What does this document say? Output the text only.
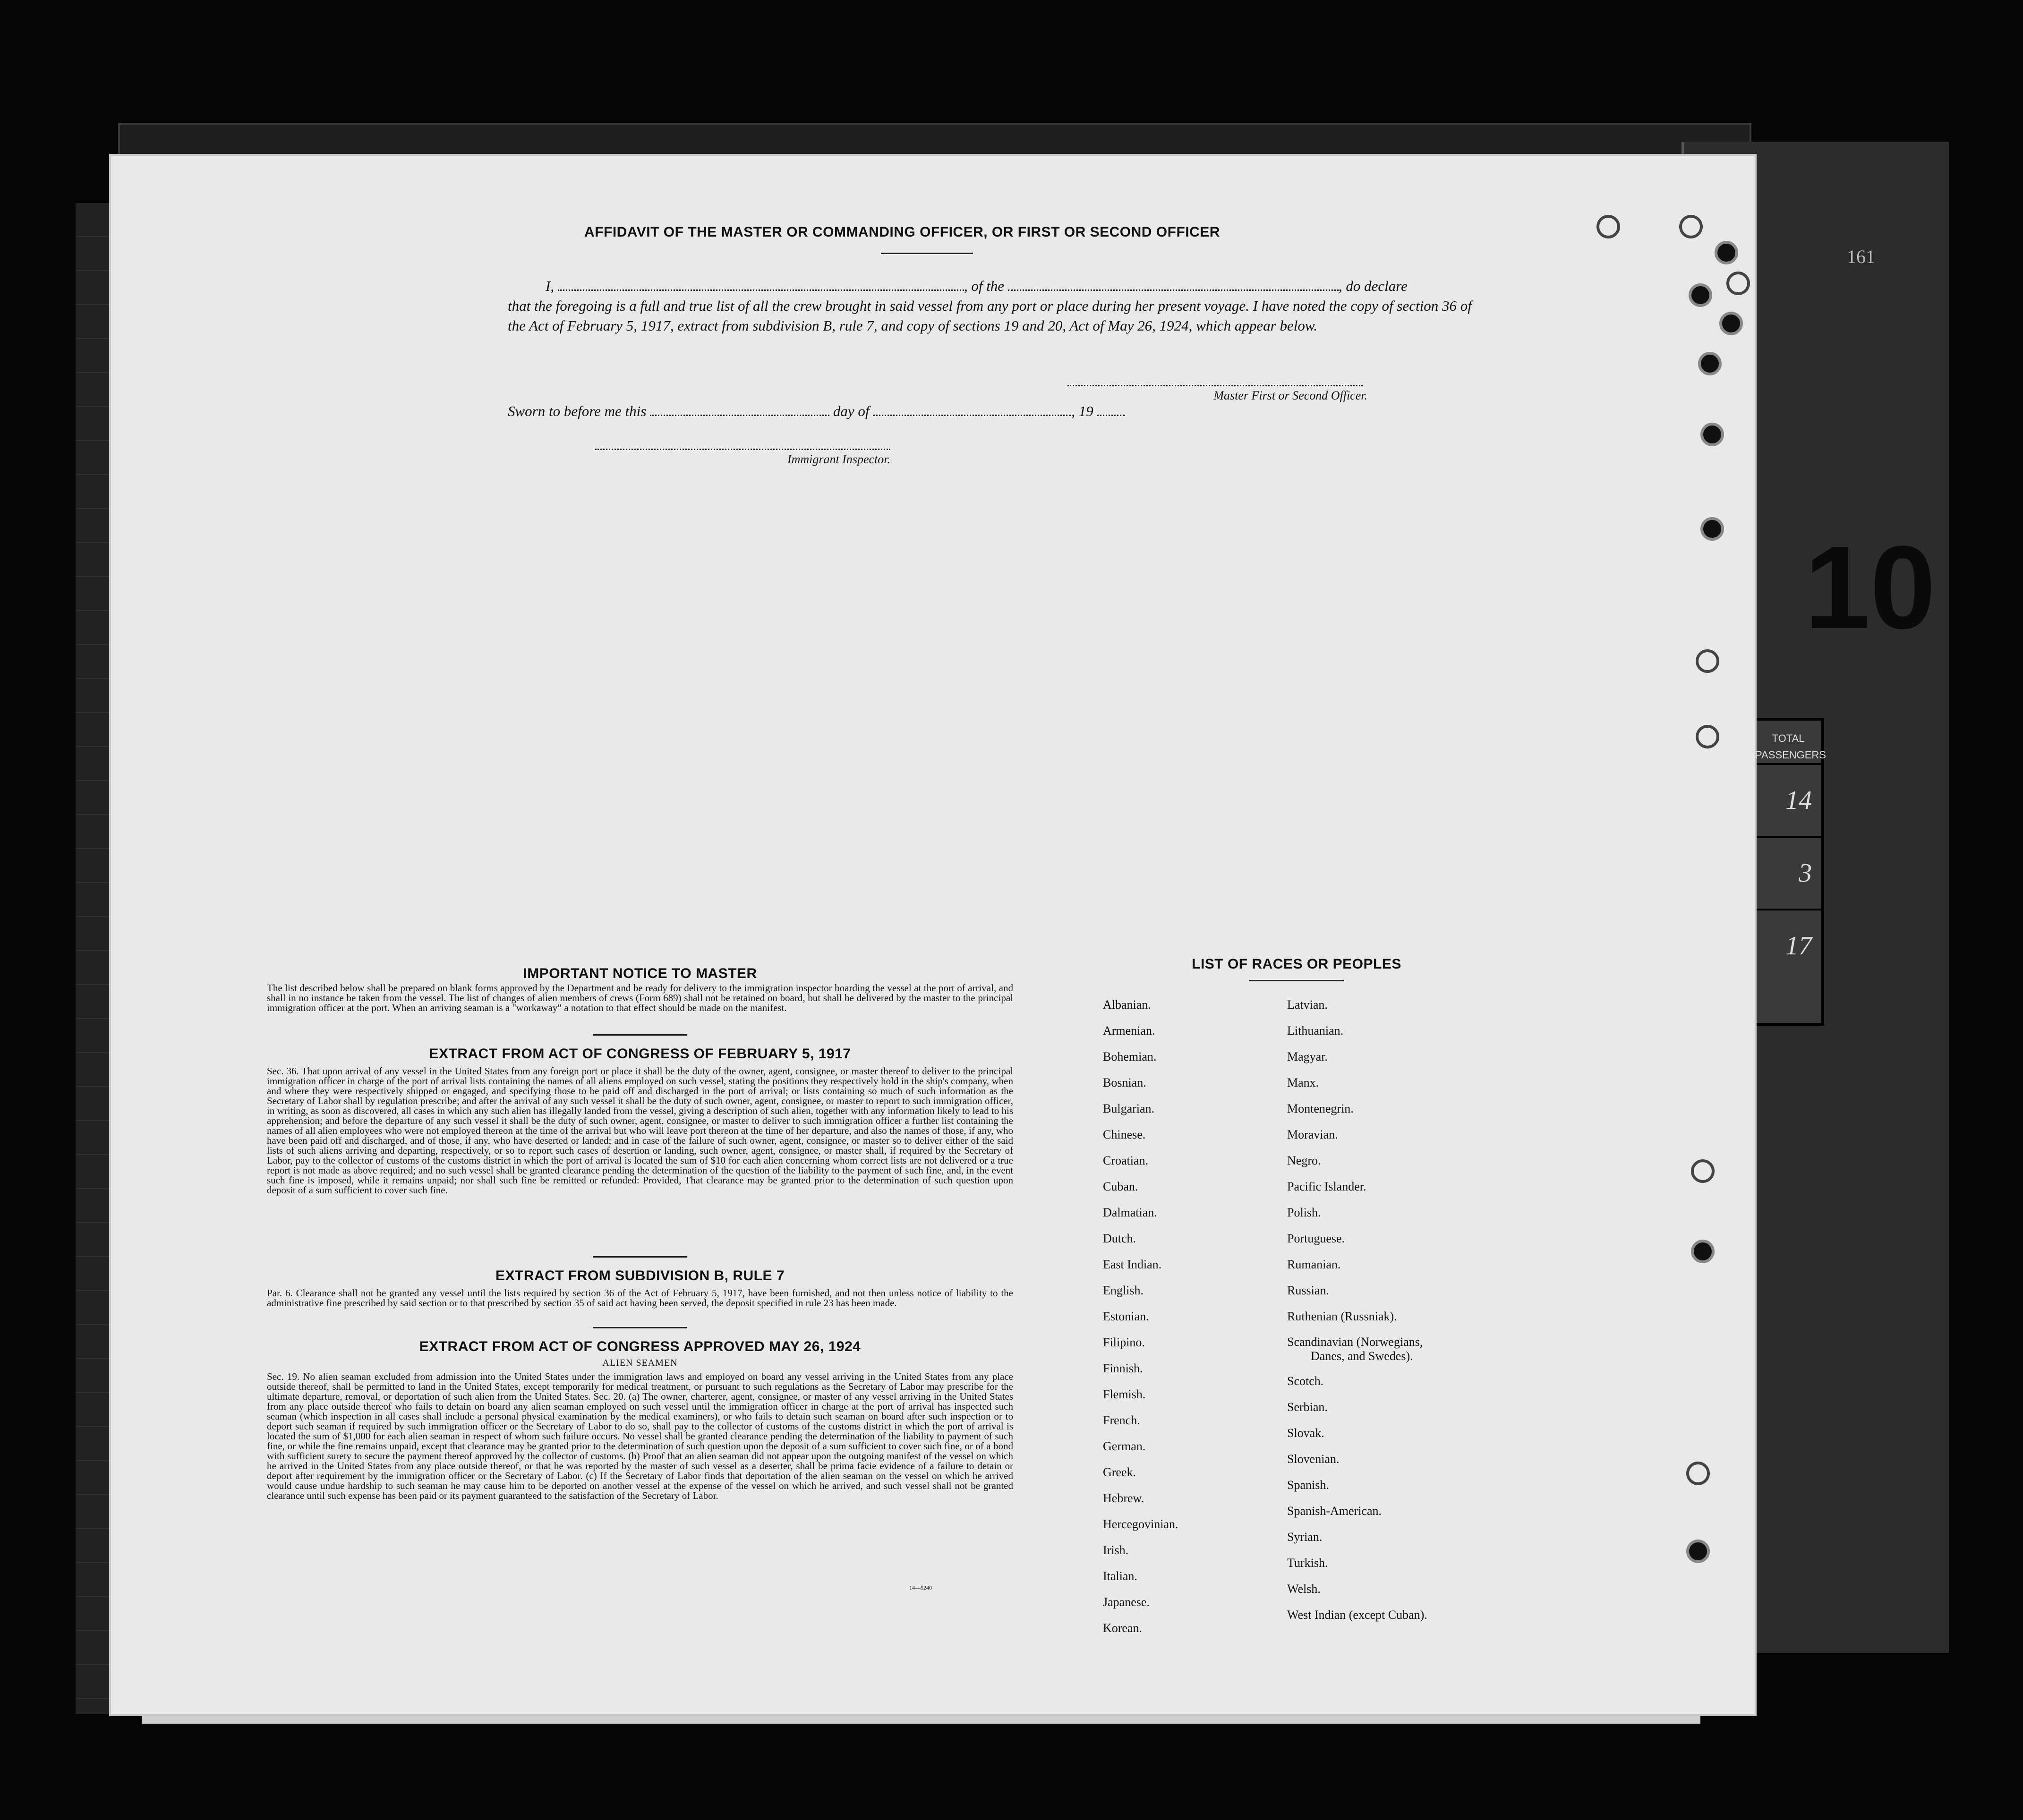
161
10
TOTAL PASSENGERS
14
3
17
AFFIDAVIT OF THE MASTER OR COMMANDING OFFICER, OR FIRST OR SECOND OFFICER
I,	, of the	, do declare
that the foregoing is a full and true list of all the crew brought in said vessel from any port or place during her present voyage. I have noted the copy of section 36 of the Act of February 5, 1917, extract from subdivision B, rule 7, and copy of sections 19 and 20, Act of May 26, 1924, which appear below.
Master First or Second Officer.
Sworn to before me this	day of	, 19
Immigrant Inspector.
IMPORTANT NOTICE TO MASTER
The list described below shall be prepared on blank forms approved by the Department and be ready for delivery to the immigration inspector boarding the vessel at the port of arrival, and shall in no instance be taken from the vessel. The list of changes of alien members of crews (Form 689) shall not be retained on board, but shall be delivered by the master to the principal immigration officer at the port. When an arriving seaman is a "workaway" a notation to that effect should be made on the manifest.
EXTRACT FROM ACT OF CONGRESS OF FEBRUARY 5, 1917
Sec. 36. That upon arrival of any vessel in the United States from any foreign port or place it shall be the duty of the owner, agent, consignee, or master thereof to deliver to the principal immigration officer in charge of the port of arrival lists containing the names of all aliens employed on such vessel, stating the positions they respectively hold in the ship's company, when and where they were respectively shipped or engaged, and specifying those to be paid off and discharged in the port of arrival; or lists containing so much of such information as the Secretary of Labor shall by regulation prescribe; and after the arrival of any such vessel it shall be the duty of such owner, agent, consignee, or master to report to such immigration officer, in writing, as soon as discovered, all cases in which any such alien has illegally landed from the vessel, giving a description of such alien, together with any information likely to lead to his apprehension; and before the departure of any such vessel it shall be the duty of such owner, agent, consignee, or master to deliver to such immigration officer a further list containing the names of all alien employees who were not employed thereon at the time of the arrival but who will leave port thereon at the time of her departure, and also the names of those, if any, who have been paid off and discharged, and of those, if any, who have deserted or landed; and in case of the failure of such owner, agent, consignee, or master so to deliver either of the said lists of such aliens arriving and departing, respectively, or so to report such cases of desertion or landing, such owner, agent, consignee, or master shall, if required by the Secretary of Labor, pay to the collector of customs of the customs district in which the port of arrival is located the sum of $10 for each alien concerning whom correct lists are not delivered or a true report is not made as above required; and no such vessel shall be granted clearance pending the determination of the question of the liability to the payment of such fine, and, in the event such fine is imposed, while it remains unpaid; nor shall such fine be remitted or refunded: Provided, That clearance may be granted prior to the determination of such question upon deposit of a sum sufficient to cover such fine.
EXTRACT FROM SUBDIVISION B, RULE 7
Par. 6. Clearance shall not be granted any vessel until the lists required by section 36 of the Act of February 5, 1917, have been furnished, and not then unless notice of liability to the administrative fine prescribed by said section or to that prescribed by section 35 of said act having been served, the deposit specified in rule 23 has been made.
EXTRACT FROM ACT OF CONGRESS APPROVED MAY 26, 1924
ALIEN SEAMEN
Sec. 19. No alien seaman excluded from admission into the United States under the immigration laws and employed on board any vessel arriving in the United States from any place outside thereof, shall be permitted to land in the United States, except temporarily for medical treatment, or pursuant to such regulations as the Secretary of Labor may prescribe for the ultimate departure, removal, or deportation of such alien from the United States. Sec. 20. (a) The owner, charterer, agent, consignee, or master of any vessel arriving in the United States from any place outside thereof who fails to detain on board any alien seaman employed on such vessel until the immigration officer in charge at the port of arrival has inspected such seaman (which inspection in all cases shall include a personal physical examination by the medical examiners), or who fails to detain such seaman on board after such inspection or to deport such seaman if required by such immigration officer or the Secretary of Labor to do so, shall pay to the collector of customs of the customs district in which the port of arrival is located the sum of $1,000 for each alien seaman in respect of whom such failure occurs. No vessel shall be granted clearance pending the determination of the liability to payment of such fine, or while the fine remains unpaid, except that clearance may be granted prior to the determination of such question upon the deposit of a sum sufficient to cover such fine, or of a bond with sufficient surety to secure the payment thereof approved by the collector of customs. (b) Proof that an alien seaman did not appear upon the outgoing manifest of the vessel on which he arrived in the United States from any place outside thereof, or that he was reported by the master of such vessel as a deserter, shall be prima facie evidence of a failure to detain or deport after requirement by the immigration officer or the Secretary of Labor. (c) If the Secretary of Labor finds that deportation of the alien seaman on the vessel on which he arrived would cause undue hardship to such seaman he may cause him to be deported on another vessel at the expense of the vessel on which he arrived, and such vessel shall not be granted clearance until such expense has been paid or its payment guaranteed to the satisfaction of the Secretary of Labor.
14—5240
LIST OF RACES OR PEOPLES
Albanian.
Armenian.
Bohemian.
Bosnian.
Bulgarian.
Chinese.
Croatian.
Cuban.
Dalmatian.
Dutch.
East Indian.
English.
Estonian.
Filipino.
Finnish.
Flemish.
French.
German.
Greek.
Hebrew.
Hercegovinian.
Irish.
Italian.
Japanese.
Korean.
Latvian.
Lithuanian.
Magyar.
Manx.
Montenegrin.
Moravian.
Negro.
Pacific Islander.
Polish.
Portuguese.
Rumanian.
Russian.
Ruthenian (Russniak).
Scandinavian (Norwegians,
Danes, and Swedes).
Scotch.
Serbian.
Slovak.
Slovenian.
Spanish.
Spanish-American.
Syrian.
Turkish.
Welsh.
West Indian (except Cuban).
